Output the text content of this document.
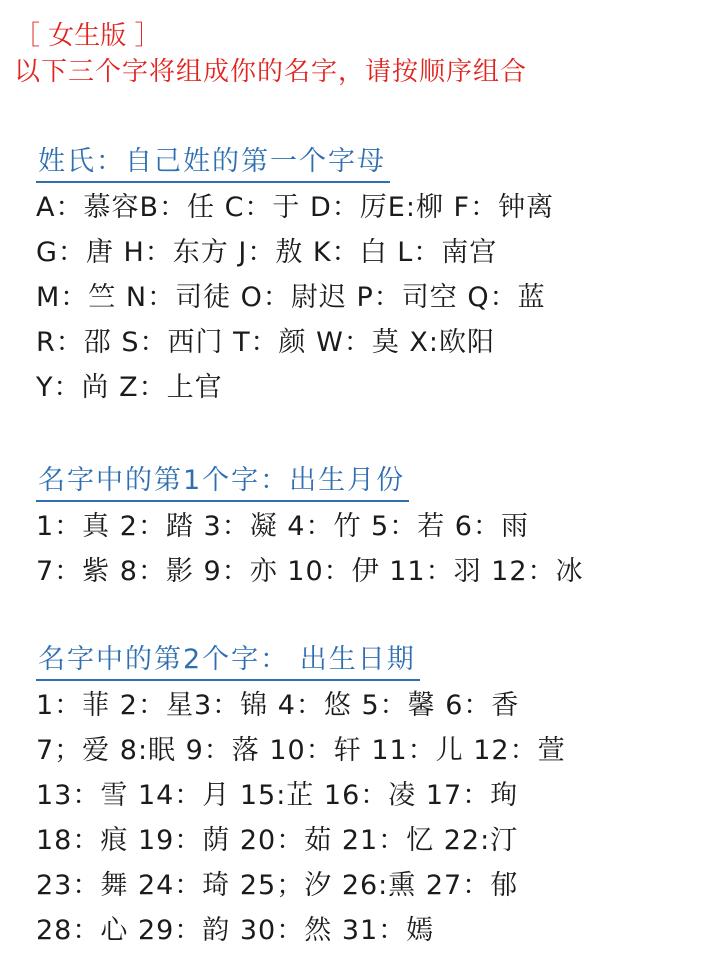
［ 女生版 ］
以下三个字将组成你的名字，请按顺序组合
姓氏：自己姓的第一个字母
A：慕容B：任 C：于 D：厉E:柳 F：钟离
G：唐 H：东方 J：敖 K：白 L：南宫
M：竺 N：司徒 O：尉迟 P：司空 Q：蓝
R：邵 S：西门 T：颜 W：莫 X:欧阳
Y：尚 Z：上官
名字中的第1个字：出生月份
1：真 2：踏 3：凝 4：竹 5：若 6：雨
7：紫 8：影 9：亦 10：伊 11：羽 12：冰
名字中的第2个字： 出生日期
1：菲 2：星3：锦 4：悠 5：馨 6：香
7；爱 8:眠 9：落 10：轩 11：儿 12：萱
13：雪 14：月 15:芷 16：凌 17：珣
18：痕 19：荫 20：茹 21：忆 22:汀
23：舞 24：琦 25；汐 26:熏 27：郁
28：心 29：韵 30：然 31：嫣
